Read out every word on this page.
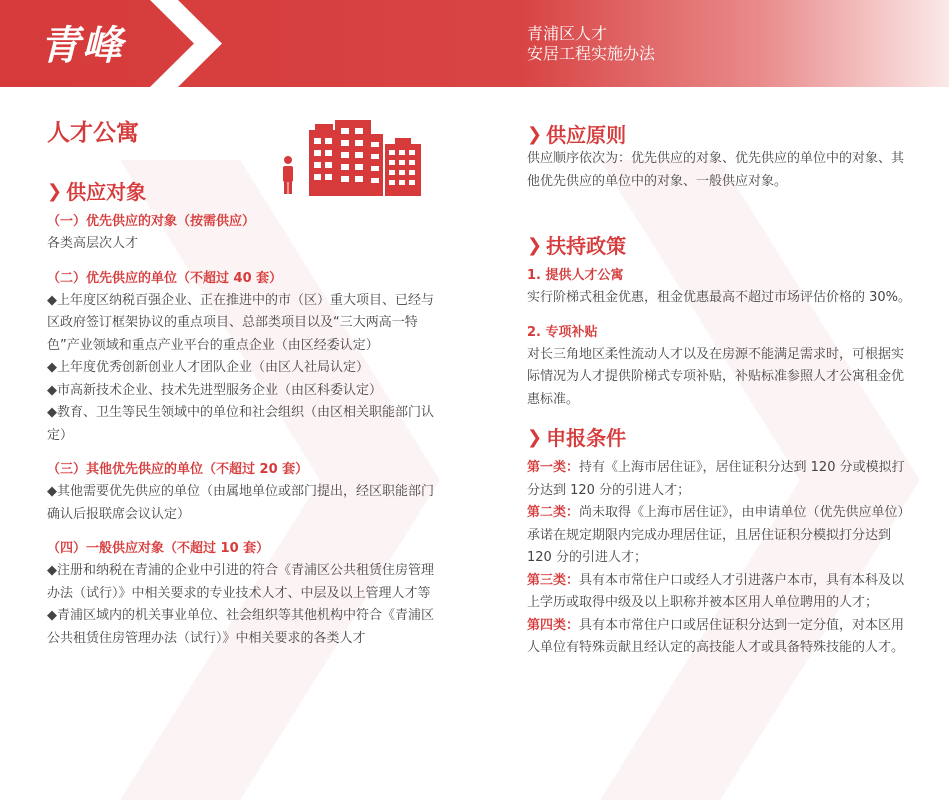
青峰	青浦区人才
安居工程实施办法
人才公寓
❯ 供应对象
（一）优先供应的对象（按需供应）

各类高层次人才

（二）优先供应的单位（不超过 40 套）

◆上年度区纳税百强企业、正在推进中的市（区）重大项目、已经与区政府签订框架协议的重点项目、总部类项目以及“三大两高一特色”产业领域和重点产业平台的重点企业（由区经委认定）

◆上年度优秀创新创业人才团队企业（由区人社局认定）

◆市高新技术企业、技术先进型服务企业（由区科委认定）

◆教育、卫生等民生领域中的单位和社会组织（由区相关职能部门认定）

（三）其他优先供应的单位（不超过 20 套）

◆其他需要优先供应的单位（由属地单位或部门提出，经区职能部门确认后报联席会议认定）

（四）一般供应对象（不超过 10 套）

◆注册和纳税在青浦的企业中引进的符合《青浦区公共租赁住房管理办法（试行）》中相关要求的专业技术人才、中层及以上管理人才等

◆青浦区域内的机关事业单位、社会组织等其他机构中符合《青浦区公共租赁住房管理办法（试行）》中相关要求的各类人才

❯ 供应原则

供应顺序依次为：优先供应的对象、优先供应的单位中的对象、其他优先供应的单位中的对象、一般供应对象。

❯ 扶持政策
1. 提供人才公寓

实行阶梯式租金优惠，租金优惠最高不超过市场评估价格的 30%。

2. 专项补贴

对长三角地区柔性流动人才以及在房源不能满足需求时，可根据实际情况为人才提供阶梯式专项补贴，补贴标准参照人才公寓租金优惠标准。

❯ 申报条件

第一类：持有《上海市居住证》，居住证积分达到 120 分或模拟打分达到 120 分的引进人才；

第二类：尚未取得《上海市居住证》，由申请单位（优先供应单位）承诺在规定期限内完成办理居住证，且居住证积分模拟打分达到 120 分的引进人才；

第三类：具有本市常住户口或经人才引进落户本市，具有本科及以上学历或取得中级及以上职称并被本区用人单位聘用的人才；

第四类：具有本市常住户口或居住证积分达到一定分值，对本区用人单位有特殊贡献且经认定的高技能人才或具备特殊技能的人才。
